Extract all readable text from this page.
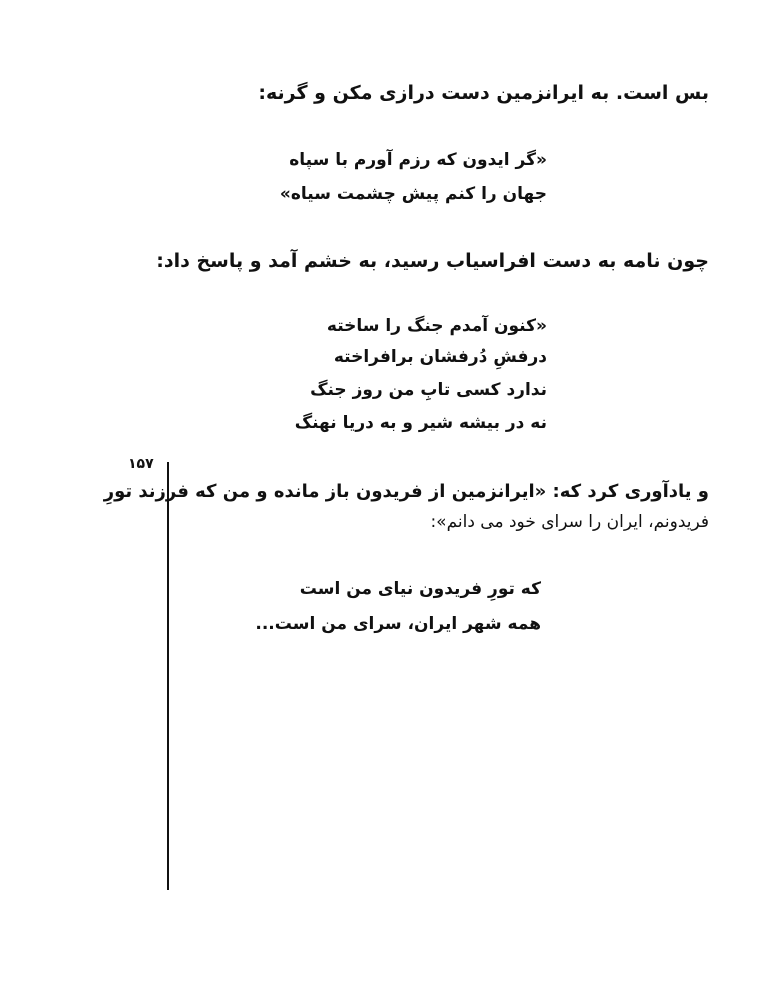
بس است. به ایرانزمین دست درازی مکن و گرنه:
«گر ایدون که رزم آورم با سپاه
جهان را کنم پیش چشمت سیاه»
چون نامه به دست افراسیاب رسید، به خشم آمد و پاسخ داد:
«کنون آمدم جنگ را ساخته
درفشِ دُرفشان برافراخته
ندارد کسی تابِ من روز جنگ
نه در بیشه شیر و به دریا نهنگ
۱۵۷
و یادآوری کرد که: «ایرانزمین از فریدون باز مانده و من که فرزند تورِ
فریدونم، ایران را سرای خود می دانم»:
که تورِ فریدون نیای من است
همه شهر ایران، سرای من است...
